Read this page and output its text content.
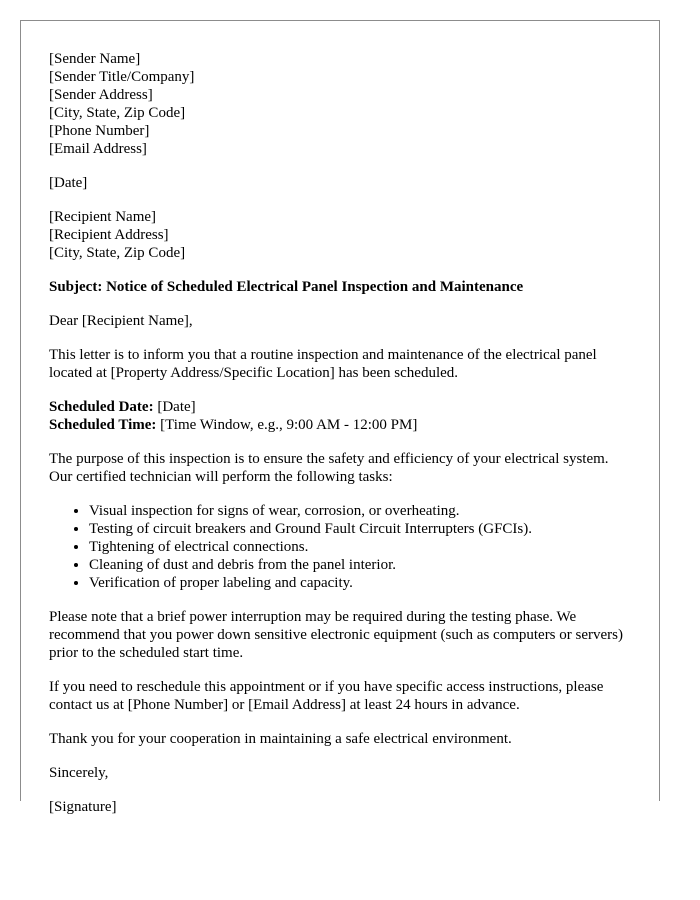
[Sender Name]
[Sender Title/Company]
[Sender Address]
[City, State, Zip Code]
[Phone Number]
[Email Address]
[Date]
[Recipient Name]
[Recipient Address]
[City, State, Zip Code]

Subject: Notice of Scheduled Electrical Panel Inspection and Maintenance

Dear [Recipient Name],

This letter is to inform you that a routine inspection and maintenance of the electrical panel located at [Property Address/Specific Location] has been scheduled.

Scheduled Date: [Date]
Scheduled Time: [Time Window, e.g., 9:00 AM - 12:00 PM]

The purpose of this inspection is to ensure the safety and efficiency of your electrical system. Our certified technician will perform the following tasks:

• Visual inspection for signs of wear, corrosion, or overheating.
• Testing of circuit breakers and Ground Fault Circuit Interrupters (GFCIs).
• Tightening of electrical connections.
• Cleaning of dust and debris from the panel interior.
• Verification of proper labeling and capacity.

Please note that a brief power interruption may be required during the testing phase. We recommend that you power down sensitive electronic equipment (such as computers or servers) prior to the scheduled start time.

If you need to reschedule this appointment or if you have specific access instructions, please contact us at [Phone Number] or [Email Address] at least 24 hours in advance.

Thank you for your cooperation in maintaining a safe electrical environment.

Sincerely,

[Signature]
